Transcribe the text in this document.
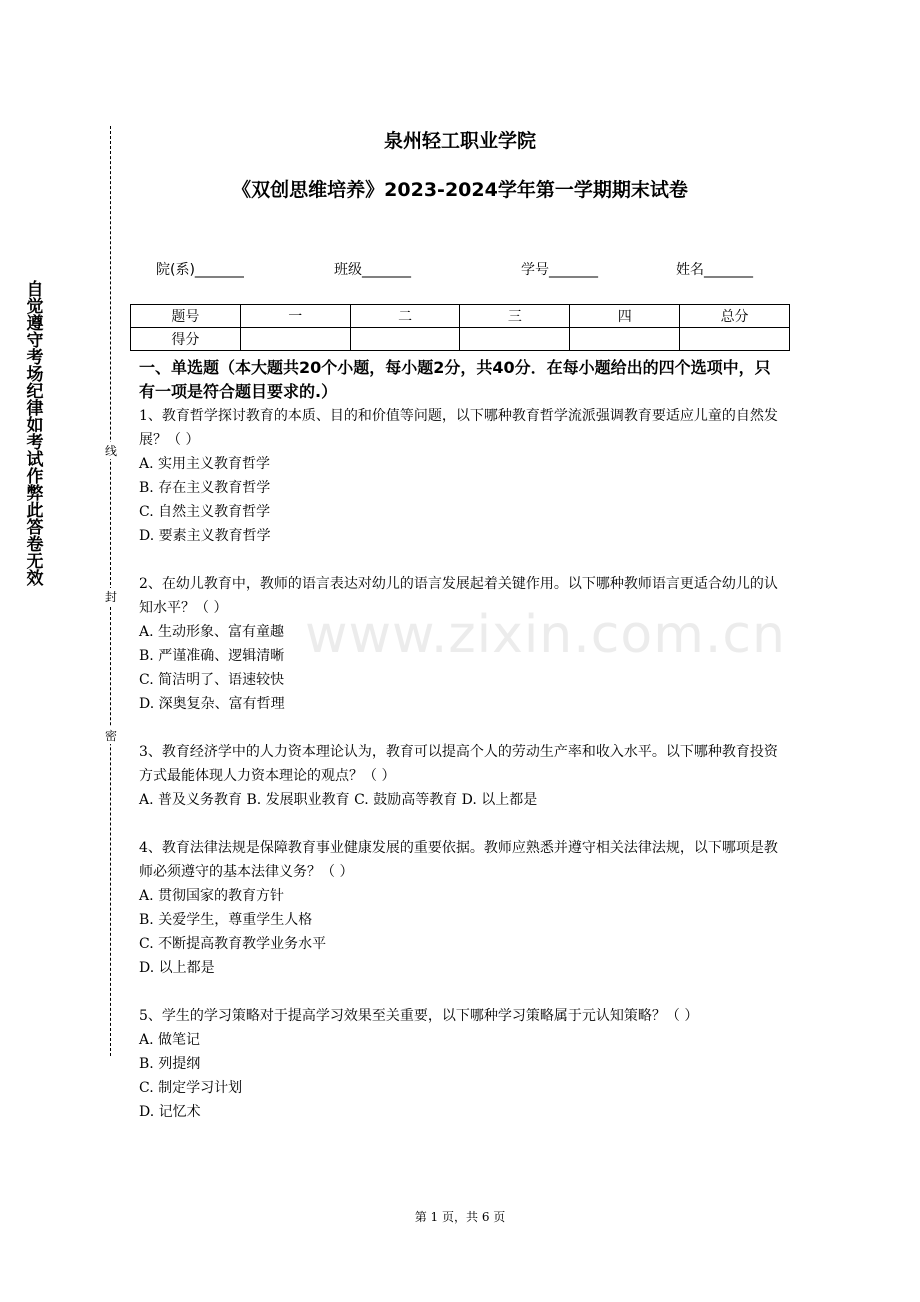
自觉遵守考场纪律如考试作弊此答卷无效
线
封
密
泉州轻工职业学院
《双创思维培养》2023-2024学年第一学期期末试卷
院(系)_______	班级_______	学号_______	姓名_______
题号	一	二	三	四	总分
得分					
一、单选题（本大题共20个小题，每小题2分，共40分．在每小题给出的四个选项中，只有一项是符合题目要求的.）
www.zixin.com.cn

1、教育哲学探讨教育的本质、目的和价值等问题，以下哪种教育哲学流派强调教育要适应儿童的自然发展？（ ）

A. 实用主义教育哲学

B. 存在主义教育哲学

C. 自然主义教育哲学

D. 要素主义教育哲学

2、在幼儿教育中，教师的语言表达对幼儿的语言发展起着关键作用。以下哪种教师语言更适合幼儿的认知水平？（ ）

A. 生动形象、富有童趣

B. 严谨准确、逻辑清晰

C. 简洁明了、语速较快

D. 深奥复杂、富有哲理

3、教育经济学中的人力资本理论认为，教育可以提高个人的劳动生产率和收入水平。以下哪种教育投资方式最能体现人力资本理论的观点？（ ）

A. 普及义务教育 B. 发展职业教育 C. 鼓励高等教育 D. 以上都是

4、教育法律法规是保障教育事业健康发展的重要依据。教师应熟悉并遵守相关法律法规，以下哪项是教师必须遵守的基本法律义务？（ ）

A. 贯彻国家的教育方针

B. 关爱学生，尊重学生人格

C. 不断提高教育教学业务水平

D. 以上都是

5、学生的学习策略对于提高学习效果至关重要，以下哪种学习策略属于元认知策略？（ ）

A. 做笔记

B. 列提纲

C. 制定学习计划

D. 记忆术

第 1 页，共 6 页
